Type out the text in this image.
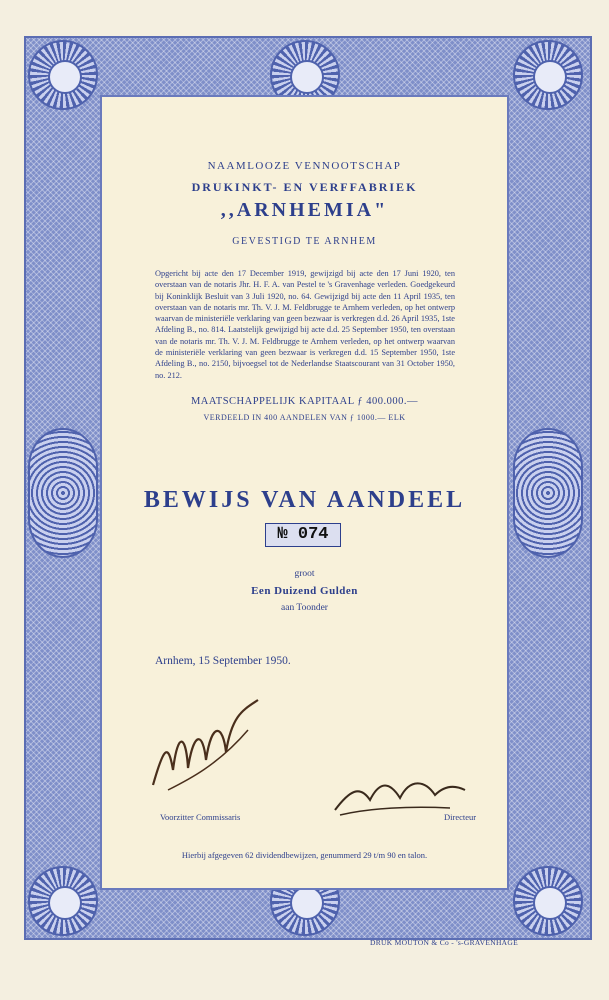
NAAMLOOZE VENNOOTSCHAP
DRUKINKT- EN VERFFABRIEK
,,ARNHEMIA"
GEVESTIGD TE ARNHEM
Opgericht bij acte den 17 December 1919, gewijzigd bij acte den 17 Juni 1920, ten overstaan van de notaris Jhr. H. F. A. van Pestel te 's Gravenhage verleden. Goedgekeurd bij Koninklijk Besluit van 3 Juli 1920, no. 64. Gewijzigd bij acte den 11 April 1935, ten overstaan van de notaris mr. Th. V. J. M. Feldbrugge te Arnhem verleden, op het ontwerp waarvan de ministeriële verklaring van geen bezwaar is verkregen d.d. 26 April 1935, 1ste Afdeling B., no. 814. Laatstelijk gewijzigd bij acte d.d. 25 September 1950, ten overstaan van de notaris mr. Th. V. J. M. Feldbrugge te Arnhem verleden, op het ontwerp waarvan de ministeriële verklaring van geen bezwaar is verkregen d.d. 15 September 1950, 1ste Afdeling B., no. 2150, bijvoegsel tot de Nederlandse Staatscourant van 31 October 1950, no. 212.
MAATSCHAPPELIJK KAPITAAL ƒ 400.000.—
VERDEELD IN 400 AANDELEN VAN ƒ 1000.— ELK
BEWIJS VAN AANDEEL
№ 074
groot
Een Duizend Gulden
aan Toonder
Arnhem, 15 September 1950.
Voorzitter Commissaris	Directeur
Hierbij afgegeven 62 dividendbewijzen, genummerd 29 t/m 90 en talon.
DRUK MOUTON & Co - 's-GRAVENHAGE
